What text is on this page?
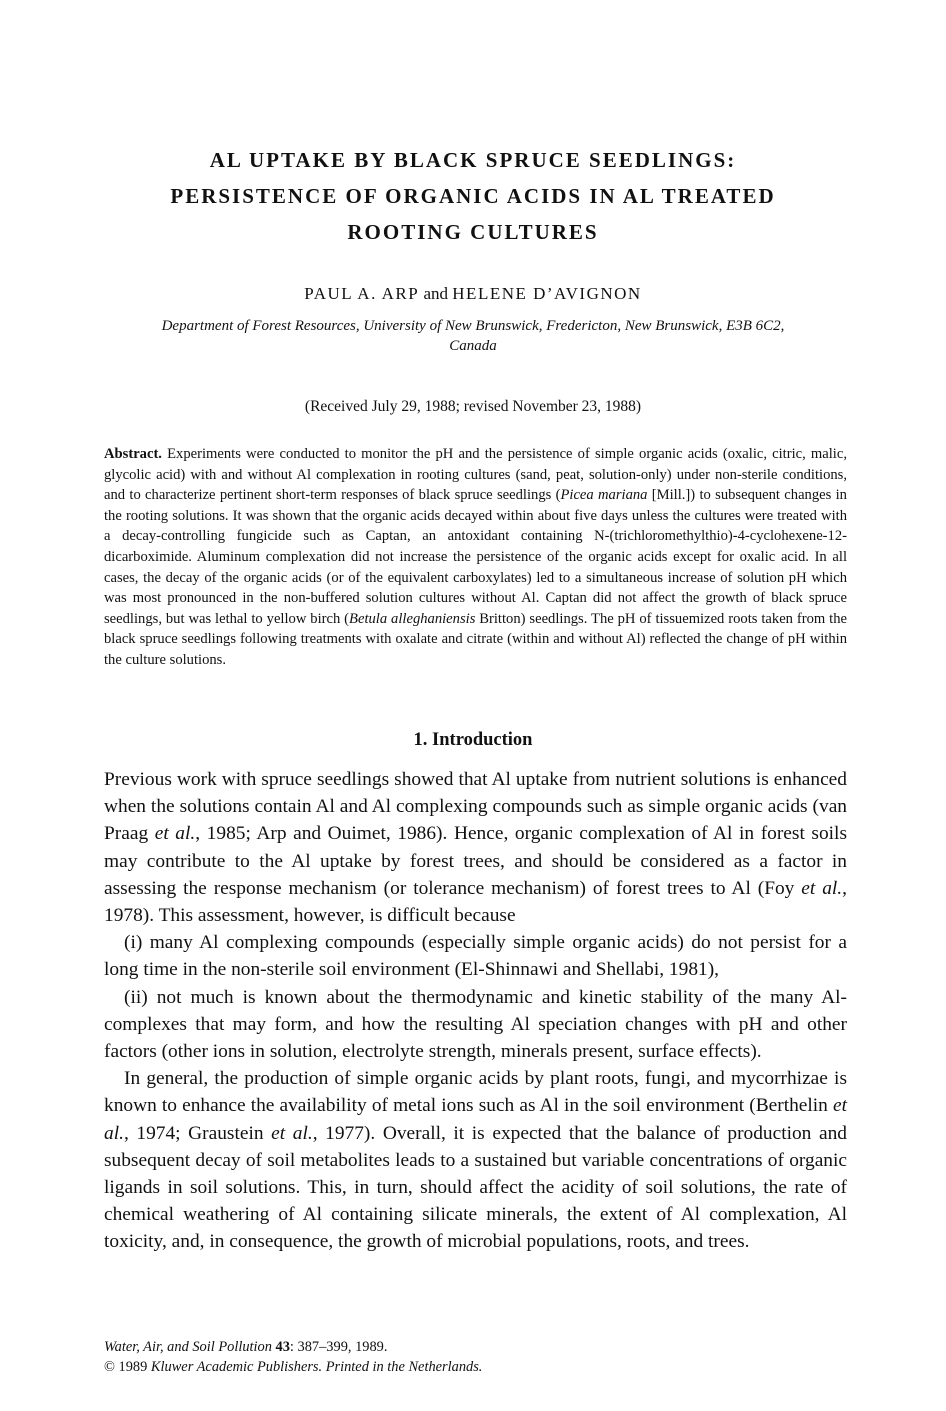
AL UPTAKE BY BLACK SPRUCE SEEDLINGS:
PERSISTENCE OF ORGANIC ACIDS IN AL TREATED
ROOTING CULTURES
PAUL A. ARP and HELENE D’AVIGNON
Department of Forest Resources, University of New Brunswick, Fredericton, New Brunswick, E3B 6C2,
Canada
(Received July 29, 1988; revised November 23, 1988)
Abstract. Experiments were conducted to monitor the pH and the persistence of simple organic acids (oxalic, citric, malic, glycolic acid) with and without Al complexation in rooting cultures (sand, peat, solution-only) under non-sterile conditions, and to characterize pertinent short-term responses of black spruce seedlings (Picea mariana [Mill.]) to subsequent changes in the rooting solutions. It was shown that the organic acids decayed within about five days unless the cultures were treated with a decay-controlling fungicide such as Captan, an antoxidant containing N-(trichloromethylthio)-4-cyclohexene-12-dicarboximide. Aluminum complexation did not increase the persistence of the organic acids except for oxalic acid. In all cases, the decay of the organic acids (or of the equivalent carboxylates) led to a simultaneous increase of solution pH which was most pronounced in the non-buffered solution cultures without Al. Captan did not affect the growth of black spruce seedlings, but was lethal to yellow birch (Betula alleghaniensis Britton) seedlings. The pH of tissuemized roots taken from the black spruce seedlings following treatments with oxalate and citrate (within and without Al) reflected the change of pH within the culture solutions.
1. Introduction

Previous work with spruce seedlings showed that Al uptake from nutrient solutions is enhanced when the solutions contain Al and Al complexing compounds such as simple organic acids (van Praag et al., 1985; Arp and Ouimet, 1986). Hence, organic complexation of Al in forest soils may contribute to the Al uptake by forest trees, and should be considered as a factor in assessing the response mechanism (or tolerance mechanism) of forest trees to Al (Foy et al., 1978). This assessment, however, is difficult because

(i) many Al complexing compounds (especially simple organic acids) do not persist for a long time in the non-sterile soil environment (El-Shinnawi and Shellabi, 1981),

(ii) not much is known about the thermodynamic and kinetic stability of the many Al-complexes that may form, and how the resulting Al speciation changes with pH and other factors (other ions in solution, electrolyte strength, minerals present, surface effects).

In general, the production of simple organic acids by plant roots, fungi, and mycorrhizae is known to enhance the availability of metal ions such as Al in the soil environment (Berthelin et al., 1974; Graustein et al., 1977). Overall, it is expected that the balance of production and subsequent decay of soil metabolites leads to a sustained but variable concentrations of organic ligands in soil solutions. This, in turn, should affect the acidity of soil solutions, the rate of chemical weathering of Al containing silicate minerals, the extent of Al complexation, Al toxicity, and, in consequence, the growth of microbial populations, roots, and trees.

Water, Air, and Soil Pollution 43: 387–399, 1989.
© 1989 Kluwer Academic Publishers. Printed in the Netherlands.
